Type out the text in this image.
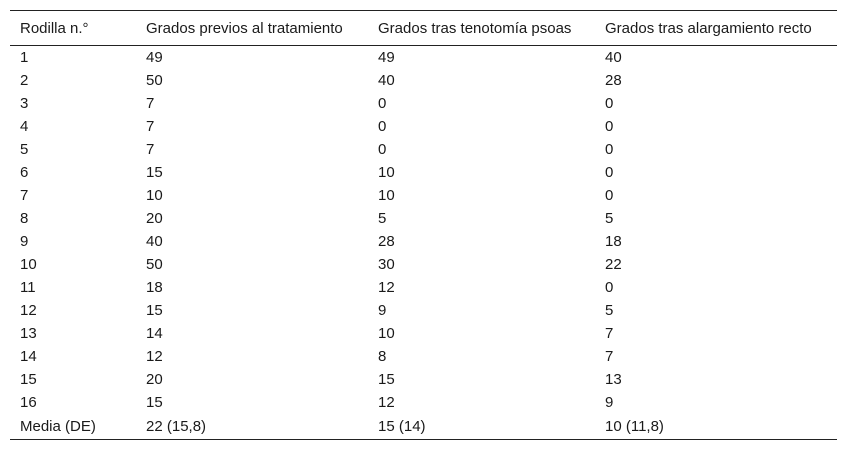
Rodilla n.°	Grados previos al tratamiento	Grados tras tenotomía psoas	Grados tras alargamiento recto
1	49	49	40
2	50	40	28
3	7	0	0
4	7	0	0
5	7	0	0
6	15	10	0
7	10	10	0
8	20	5	5
9	40	28	18
10	50	30	22
11	18	12	0
12	15	9	5
13	14	10	7
14	12	8	7
15	20	15	13
16	15	12	9
Media (DE)	22 (15,8)	15 (14)	10 (11,8)
